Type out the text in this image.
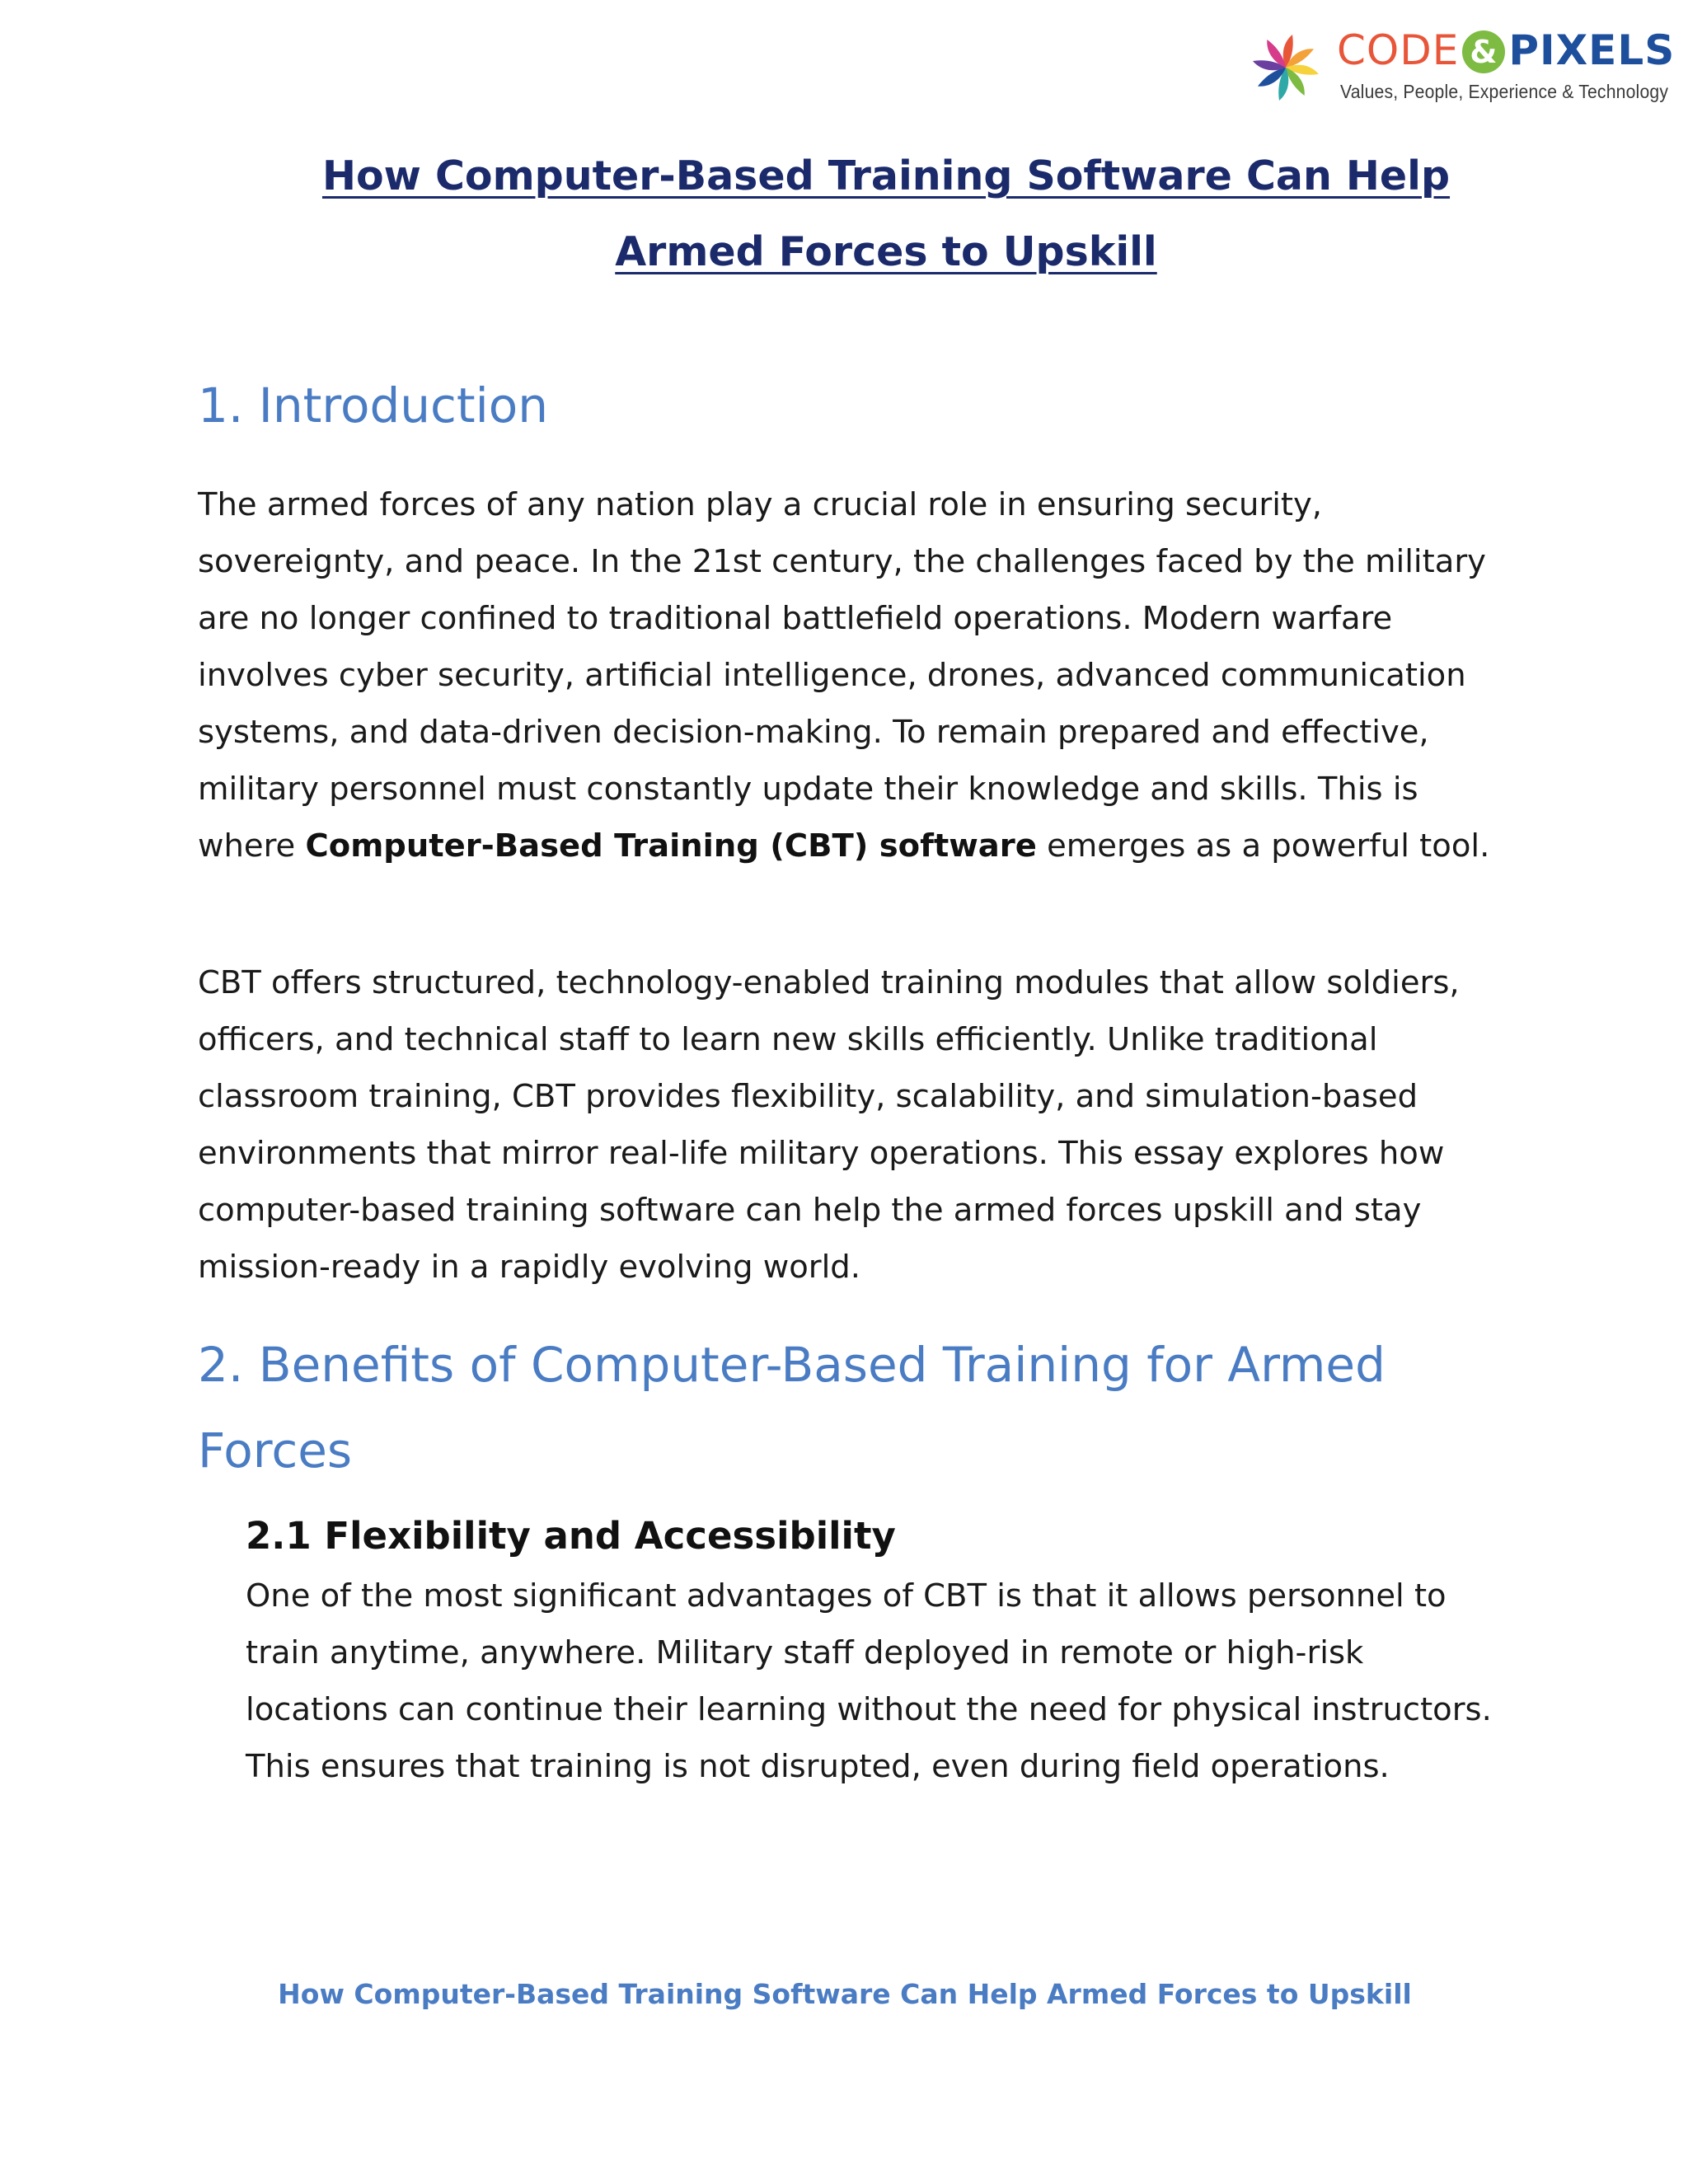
CODE & PIXELS
Values, People, Experience & Technology
How Computer-Based Training Software Can Help
Armed Forces to Upskill
1. Introduction

The armed forces of any nation play a crucial role in ensuring security, sovereignty, and peace. In the 21st century, the challenges faced by the military are no longer confined to traditional battlefield operations. Modern warfare involves cyber security, artificial intelligence, drones, advanced communication systems, and data-driven decision-making. To remain prepared and effective, military personnel must constantly update their knowledge and skills. This is where Computer-Based Training (CBT) software emerges as a powerful tool.

CBT offers structured, technology-enabled training modules that allow soldiers, officers, and technical staff to learn new skills efficiently. Unlike traditional classroom training, CBT provides flexibility, scalability, and simulation-based environments that mirror real-life military operations. This essay explores how computer-based training software can help the armed forces upskill and stay mission-ready in a rapidly evolving world.

2. Benefits of Computer-Based Training for Armed Forces
2.1 Flexibility and Accessibility

One of the most significant advantages of CBT is that it allows personnel to train anytime, anywhere. Military staff deployed in remote or high-risk locations can continue their learning without the need for physical instructors. This ensures that training is not disrupted, even during field operations.

How Computer-Based Training Software Can Help Armed Forces to Upskill
